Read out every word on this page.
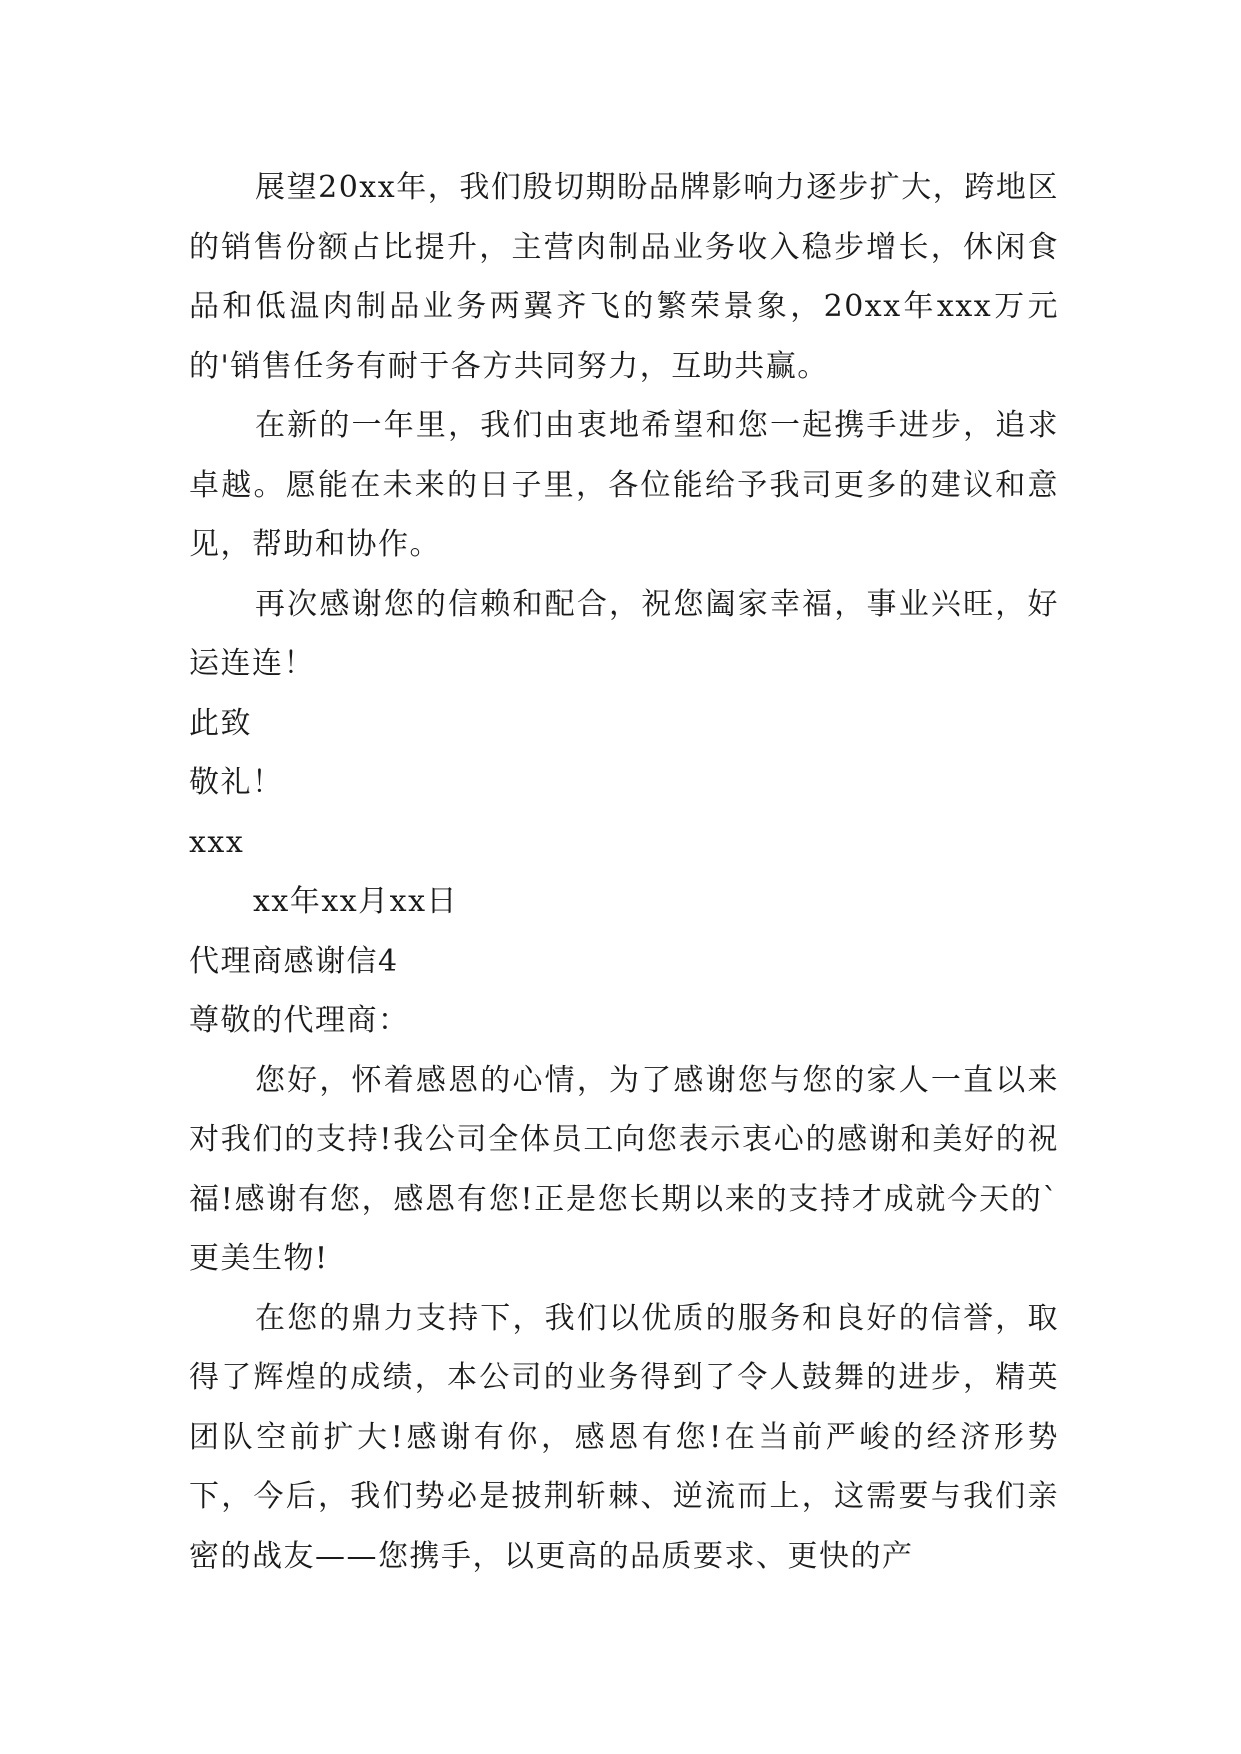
展望20xx年，我们殷切期盼品牌影响力逐步扩大，跨地区的销售份额占比提升，主营肉制品业务收入稳步增长，休闲食品和低温肉制品业务两翼齐飞的繁荣景象，20xx年xxx万元的'销售任务有耐于各方共同努力，互助共赢。

在新的一年里，我们由衷地希望和您一起携手进步，追求卓越。愿能在未来的日子里，各位能给予我司更多的建议和意见，帮助和协作。

再次感谢您的信赖和配合，祝您阖家幸福，事业兴旺，好运连连！

此致

敬礼！

xxx

xx年xx月xx日

代理商感谢信4

尊敬的代理商：

您好，怀着感恩的心情，为了感谢您与您的家人一直以来对我们的支持!我公司全体员工向您表示衷心的感谢和美好的祝福!感谢有您，感恩有您!正是您长期以来的支持才成就今天的`更美生物!

在您的鼎力支持下，我们以优质的服务和良好的信誉，取得了辉煌的成绩，本公司的业务得到了令人鼓舞的进步，精英团队空前扩大!感谢有你，感恩有您!在当前严峻的经济形势下，今后，我们势必是披荆斩棘、逆流而上，这需要与我们亲密的战友——您携手，以更高的品质要求、更快的产
